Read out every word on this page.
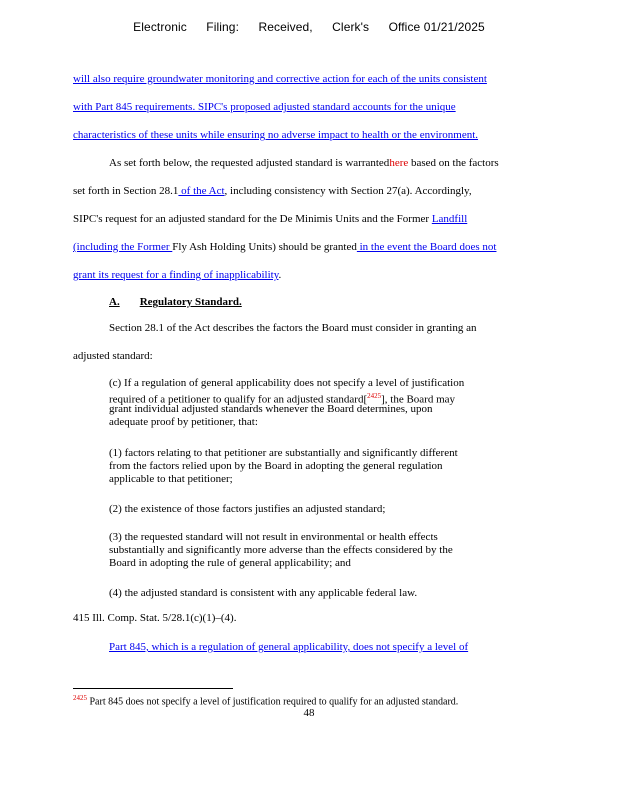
Electronic Filing: Received, Clerk's Office 01/21/2025
will also require groundwater monitoring and corrective action for each of the units consistent
with Part 845 requirements. SIPC's proposed adjusted standard accounts for the unique
characteristics of these units while ensuring no adverse impact to health or the environment.
As set forth below, the requested adjusted standard is warrantedhere based on the factors
set forth in Section 28.1 of the Act, including consistency with Section 27(a). Accordingly,
SIPC's request for an adjusted standard for the De Minimis Units and the Former Landfill
(including the Former Fly Ash Holding Units) should be granted in the event the Board does not
grant its request for a finding of inapplicability.
A. Regulatory Standard.
Section 28.1 of the Act describes the factors the Board must consider in granting an
adjusted standard:
415 Ill. Comp. Stat. 5/28.1(c)(1)–(4).
Part 845, which is a regulation of general applicability, does not specify a level of

(c) If a regulation of general applicability does not specify a level of justification

required of a petitioner to qualify for an adjusted standard[$^{2425}$], the Board may

grant individual adjusted standards whenever the Board determines, upon

adequate proof by petitioner, that:

(1) factors relating to that petitioner are substantially and significantly different

from the factors relied upon by the Board in adopting the general regulation

applicable to that petitioner;

(2) the existence of those factors justifies an adjusted standard;

(3) the requested standard will not result in environmental or health effects

substantially and significantly more adverse than the effects considered by the

Board in adopting the rule of general applicability; and

(4) the adjusted standard is consistent with any applicable federal law.

$^{2425}$ Part 845 does not specify a level of justification required to qualify for an adjusted standard.
48
